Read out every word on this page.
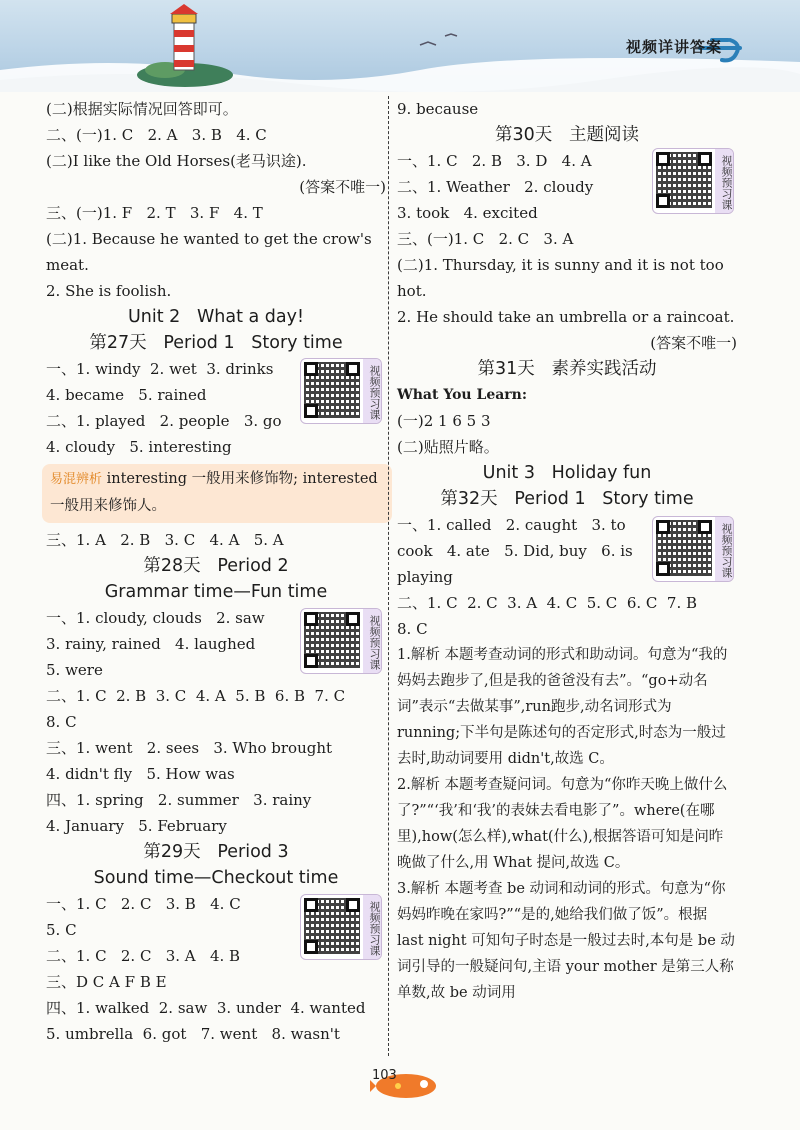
视频详讲答案
(二)根据实际情况回答即可。
二、(一)1. C   2. A   3. B   4. C
(二)I like the Old Horses(老马识途).
(答案不唯一)
三、(一)1. F   2. T   3. F   4. T
(二)1. Because he wanted to get the crow's
meat.
2. She is foolish.
Unit 2   What a day!
第27天   Period 1   Story time
一、1. windy  2. wet  3. drinks
4. became   5. rained
二、1. played   2. people   3. go
4. cloudy   5. interesting
易混辨析 interesting 一般用来修饰物; interested 一般用来修饰人。
三、1. A   2. B   3. C   4. A   5. A
第28天   Period 2
Grammar time—Fun time
一、1. cloudy, clouds   2. saw
3. rainy, rained   4. laughed
5. were
二、1. C  2. B  3. C  4. A  5. B  6. B  7. C
8. C
三、1. went   2. sees   3. Who brought
4. didn't fly   5. How was
四、1. spring   2. summer   3. rainy
4. January   5. February
第29天   Period 3
Sound time—Checkout time
一、1. C   2. C   3. B   4. C
5. C
二、1. C   2. C   3. A   4. B
三、D C A F B E
四、1. walked  2. saw  3. under  4. wanted
5. umbrella  6. got   7. went   8. wasn't
9. because
第30天   主题阅读
一、1. C   2. B   3. D   4. A
二、1. Weather   2. cloudy
3. took   4. excited
三、(一)1. C   2. C   3. A
(二)1. Thursday, it is sunny and it is not too
hot.
2. He should take an umbrella or a raincoat.
(答案不唯一)
第31天   素养实践活动
What You Learn:
(一)2 1 6 5 3
(二)贴照片略。
Unit 3   Holiday fun
第32天   Period 1   Story time
一、1. called   2. caught   3. to
cook   4. ate   5. Did, buy   6. is
playing
二、1. C  2. C  3. A  4. C  5. C  6. C  7. B
8. C
1.解析 本题考查动词的形式和助动词。句意为“我的妈妈去跑步了,但是我的爸爸没有去”。“go+动名词”表示“去做某事”,run跑步,动名词形式为 running;下半句是陈述句的否定形式,时态为一般过去时,助动词要用 didn't,故选 C。
2.解析 本题考查疑问词。句意为“你昨天晚上做什么了?”“‘我’和‘我’的表妹去看电影了”。where(在哪里),how(怎么样),what(什么),根据答语可知是问昨晚做了什么,用 What 提问,故选 C。
3.解析 本题考查 be 动词和动词的形式。句意为“你妈妈昨晚在家吗?”“是的,她给我们做了饭”。根据 last night 可知句子时态是一般过去时,本句是 be 动词引导的一般疑问句,主语 your mother 是第三人称单数,故 be 动词用
视频预习课
视频预习课
视频预习课
视频预习课
视频预习课
103
